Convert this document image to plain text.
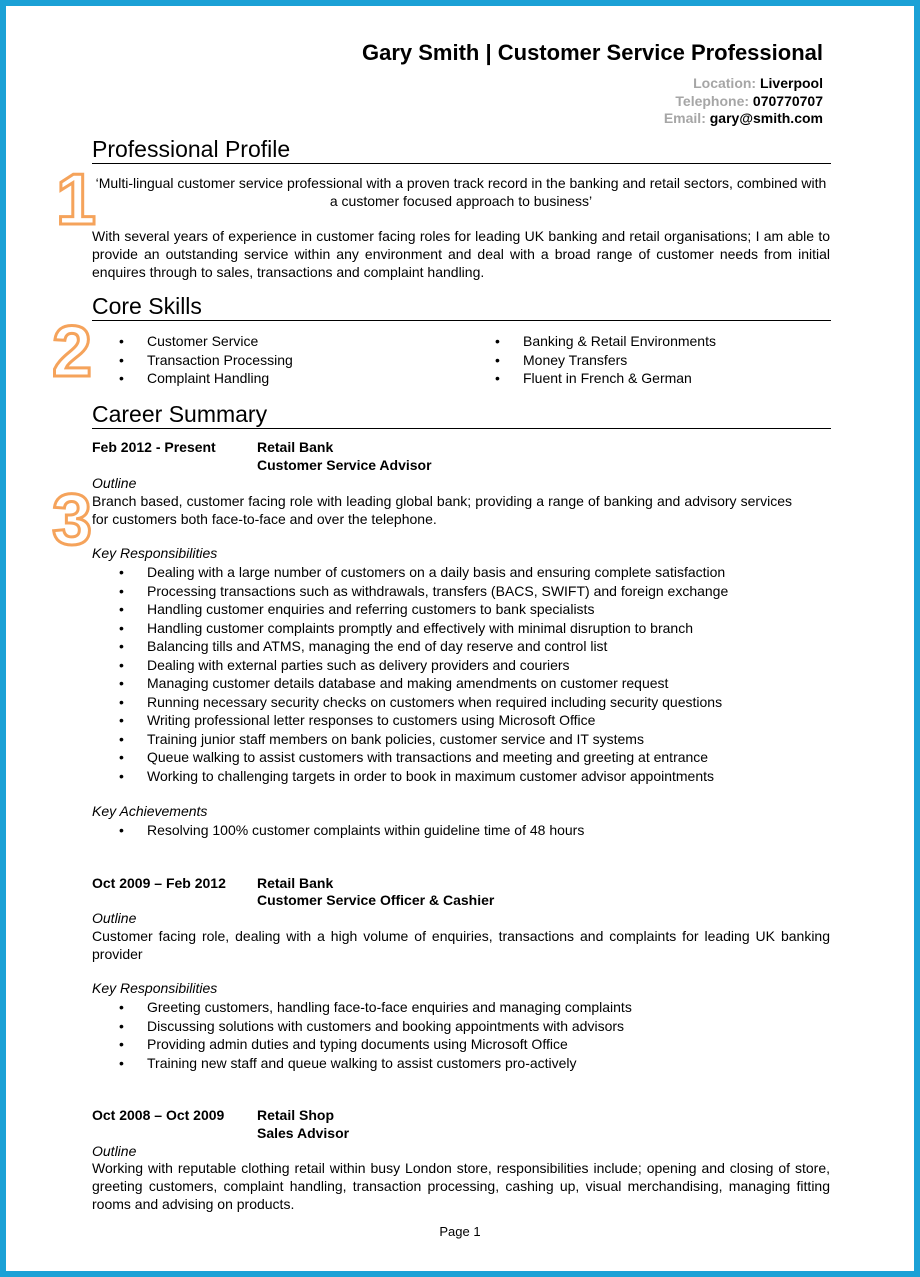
Gary Smith | Customer Service Professional
Location: Liverpool
Telephone: 070770707
Email: gary@smith.com
1
2
3
Professional Profile
‘Multi-lingual customer service professional with a proven track record in the banking and retail sectors, combined with a customer focused approach to business’
With several years of experience in customer facing roles for leading UK banking and retail organisations; I am able to provide an outstanding service within any environment and deal with a broad range of customer needs from initial enquires through to sales, transactions and complaint handling.
Core Skills
• Customer Service
• Transaction Processing
• Complaint Handling
• Banking & Retail Environments
• Money Transfers
• Fluent in French & German
Career Summary
Feb 2012 - Present	Retail Bank
Customer Service Advisor
Outline
Branch based, customer facing role with leading global bank; providing a range of banking and advisory services for customers both face-to-face and over the telephone.
Key Responsibilities
• Dealing with a large number of customers on a daily basis and ensuring complete satisfaction
• Processing transactions such as withdrawals, transfers (BACS, SWIFT) and foreign exchange
• Handling customer enquiries and referring customers to bank specialists
• Handling customer complaints promptly and effectively with minimal disruption to branch
• Balancing tills and ATMS, managing the end of day reserve and control list
• Dealing with external parties such as delivery providers and couriers
• Managing customer details database and making amendments on customer request
• Running necessary security checks on customers when required including security questions
• Writing professional letter responses to customers using Microsoft Office
• Training junior staff members on bank policies, customer service and IT systems
• Queue walking to assist customers with transactions and meeting and greeting at entrance
• Working to challenging targets in order to book in maximum customer advisor appointments
Key Achievements
• Resolving 100% customer complaints within guideline time of 48 hours
Oct 2009 – Feb 2012 Retail Bank
Customer Service Officer & Cashier
Outline
Customer facing role, dealing with a high volume of enquiries, transactions and complaints for leading UK banking provider
Key Responsibilities
• Greeting customers, handling face-to-face enquiries and managing complaints
• Discussing solutions with customers and booking appointments with advisors
• Providing admin duties and typing documents using Microsoft Office
• Training new staff and queue walking to assist customers pro-actively
Oct 2008 – Oct 2009 Retail Shop
Sales Advisor
Outline
Working with reputable clothing retail within busy London store, responsibilities include; opening and closing of store, greeting customers, complaint handling, transaction processing, cashing up, visual merchandising, managing fitting rooms and advising on products.
Page 1
